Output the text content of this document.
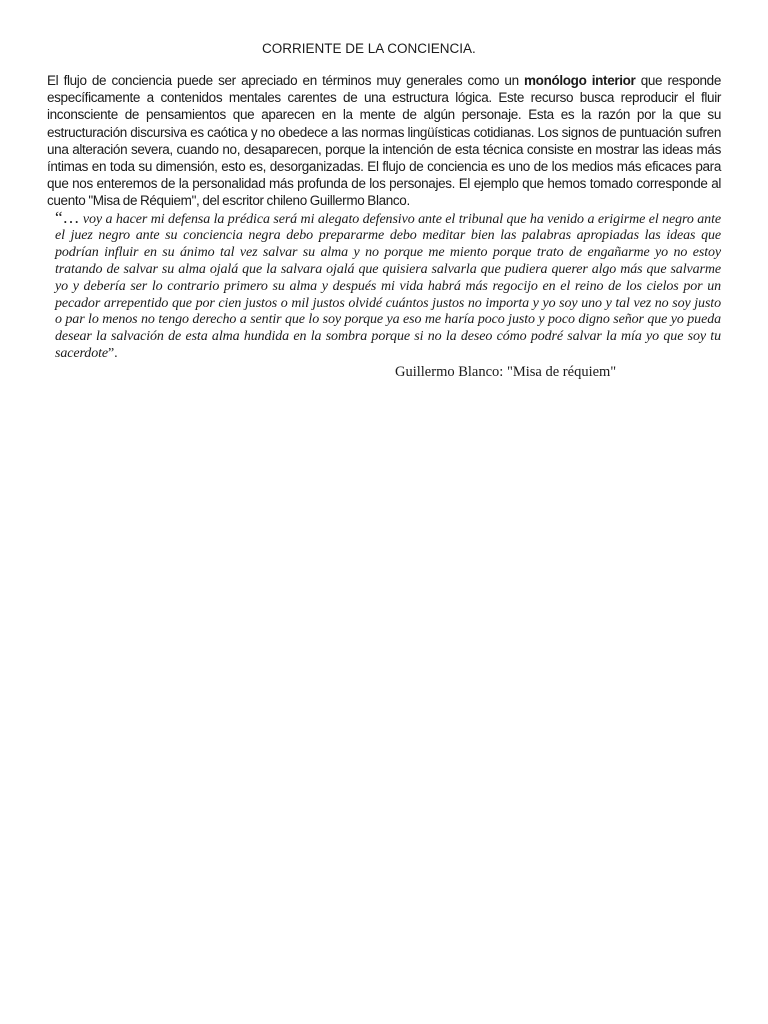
CORRIENTE DE LA CONCIENCIA.

El flujo de conciencia puede ser apreciado en términos muy generales como un monólogo interior que responde específicamente a contenidos mentales carentes de una estructura lógica. Este recurso busca reproducir el fluir inconsciente de pensamientos que aparecen en la mente de algún personaje. Esta es la razón por la que su estructuración discursiva es caótica y no obedece a las normas lingüísticas cotidianas. Los signos de puntuación sufren una alteración severa, cuando no, desaparecen, porque la intención de esta técnica consiste en mostrar las ideas más íntimas en toda su dimensión, esto es, desorganizadas. El flujo de conciencia es uno de los medios más eficaces para que nos enteremos de la personalidad más profunda de los personajes. El ejemplo que hemos tomado corresponde al cuento "Misa de Réquiem", del escritor chileno Guillermo Blanco.

“… voy a hacer mi defensa la prédica será mi alegato defensivo ante el tribunal que ha venido a erigirme el negro ante el juez negro ante su conciencia negra debo prepararme debo meditar bien las palabras apropiadas las ideas que podrían influir en su ánimo tal vez salvar su alma y no porque me miento porque trato de engañarme yo no estoy tratando de salvar su alma ojalá que la salvara ojalá que quisiera salvarla que pudiera querer algo más que salvarme yo y debería ser lo contrario primero su alma y después mi vida habrá más regocijo en el reino de los cielos por un pecador arrepentido que por cien justos o mil justos olvidé cuántos justos no importa y yo soy uno y tal vez no soy justo o par lo menos no tengo derecho a sentir que lo soy porque ya eso me haría poco justo y poco digno señor que yo pueda desear la salvación de esta alma hundida en la sombra porque si no la deseo cómo podré salvar la mía yo que soy tu sacerdote”.

Guillermo Blanco: "Misa de réquiem"
